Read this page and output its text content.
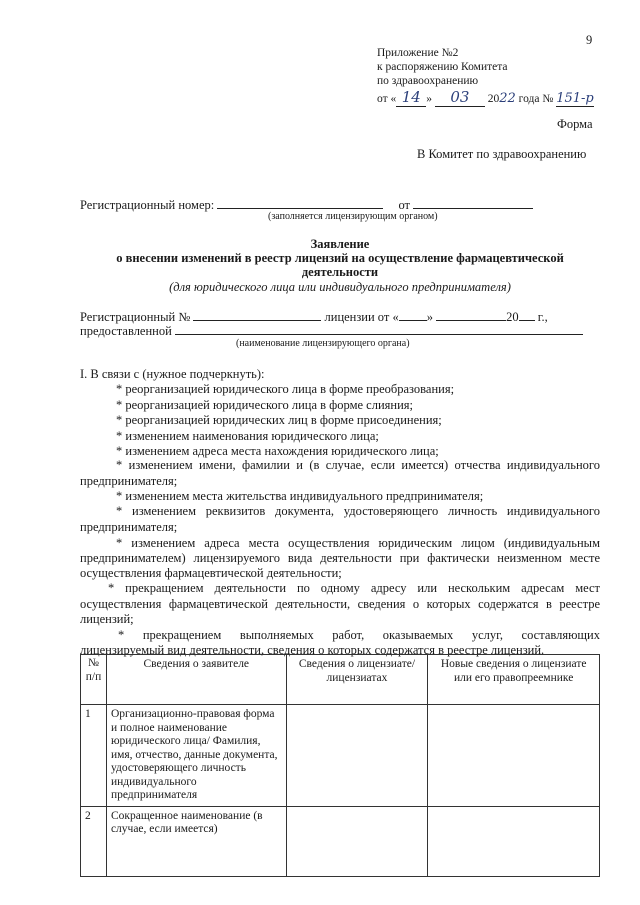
9
Приложение №2
к распоряжению Комитета
по здравоохранению
от « 14 » 03 2022 года № 151-р
Форма
В Комитет по здравоохранению
Регистрационный номер:	от
(заполняется лицензирующим органом)
Заявление
о внесении изменений в реестр лицензий на осуществление фармацевтической
деятельности
(для юридического лица или индивидуального предпринимателя)
Регистрационный №	лицензии от « »	20 г.,
предоставленной
(наименование лицензирующего органа)
I. В связи с (нужное подчеркнуть):
* реорганизацией юридического лица в форме преобразования;
* реорганизацией юридического лица в форме слияния;
* реорганизацией юридических лиц в форме присоединения;
* изменением наименования юридического лица;
* изменением адреса места нахождения юридического лица;
* изменением имени, фамилии и (в случае, если имеется) отчества индивидуального
предпринимателя;
* изменением места жительства индивидуального предпринимателя;
* изменением реквизитов документа, удостоверяющего личность индивидуального
предпринимателя;
* изменением адреса места осуществления юридическим лицом (индивидуальным
предпринимателем) лицензируемого вида деятельности при фактически неизменном месте
осуществления фармацевтической деятельности;
* прекращением деятельности по одному адресу или нескольким адресам мест
осуществления фармацевтической деятельности, сведения о которых содержатся в реестре
лицензий;
* прекращением выполняемых работ, оказываемых услуг, составляющих
лицензируемый вид деятельности, сведения о которых содержатся в реестре лицензий.
№ п/п	Сведения о заявителе	Сведения о лицензиате/ лицензиатах	Новые сведения о лицензиате или его правопреемнике
1	Организационно-правовая форма и полное наименование юридического лица/ Фамилия, имя, отчество, данные документа, удостоверяющего личность индивидуального предпринимателя		
2	Сокращенное наименование (в случае, если имеется)		
